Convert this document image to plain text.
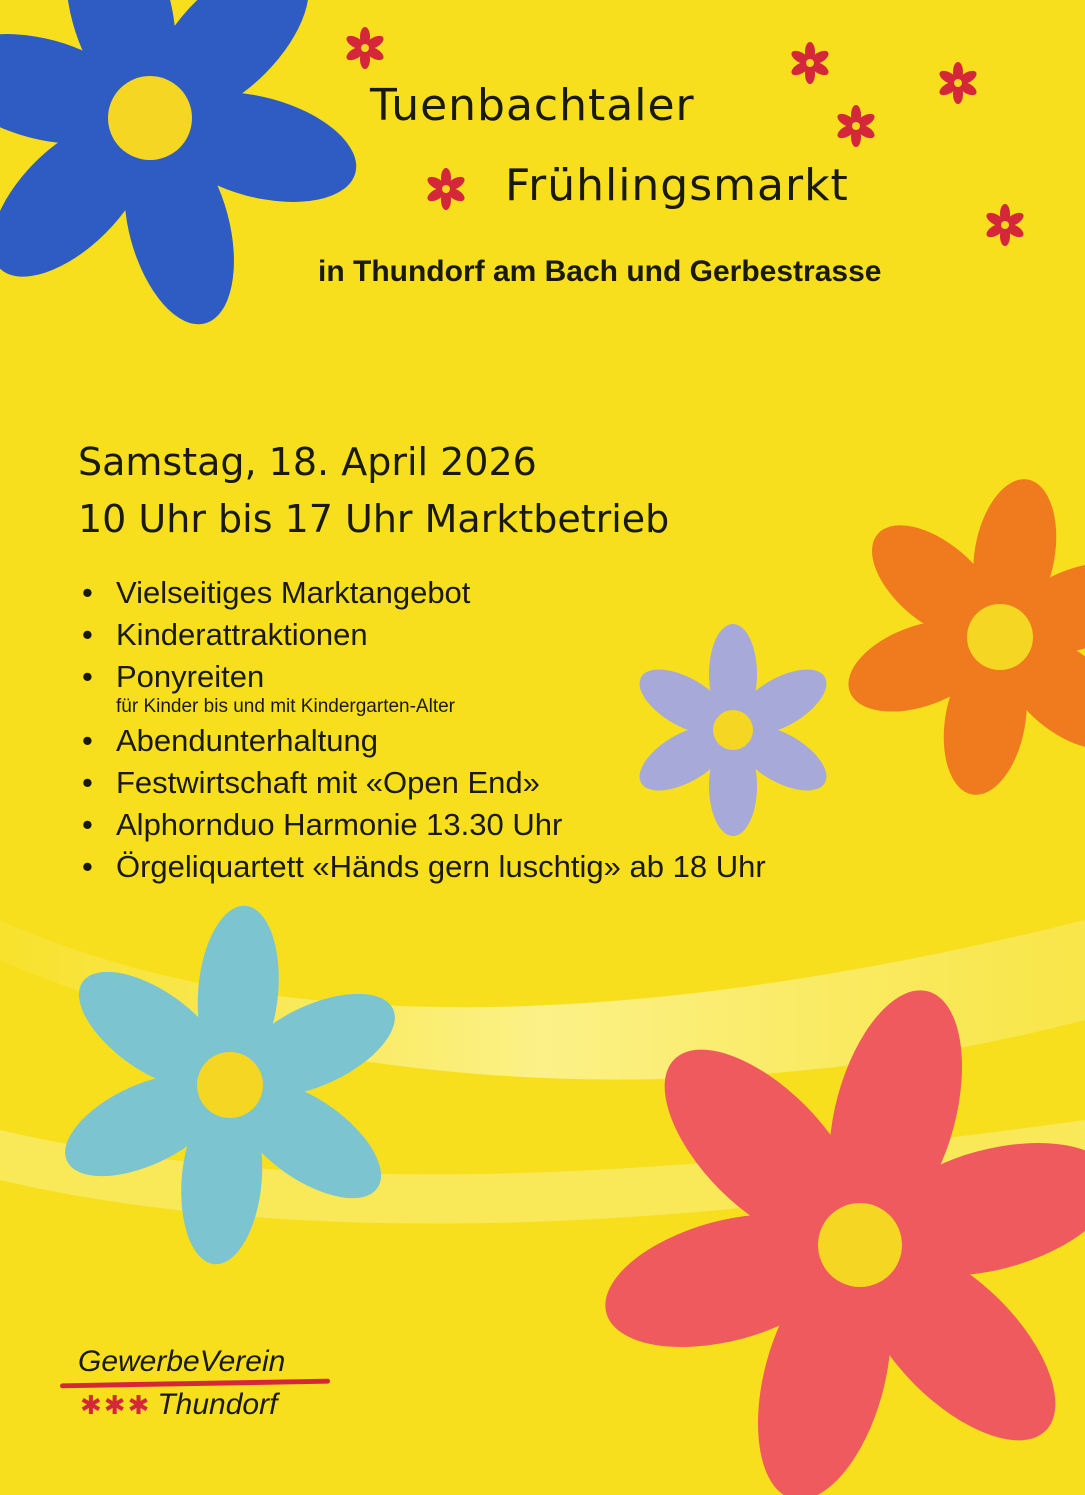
Tuenbachtaler
Frühlingsmarkt
in Thundorf am Bach und Gerbestrasse
Samstag, 18. April 2026
10 Uhr bis 17 Uhr Marktbetrieb
• Vielseitiges Marktangebot
• Kinderattraktionen
• Ponyreiten
für Kinder bis und mit Kindergarten-Alter
• Abendunterhaltung
• Festwirtschaft mit «Open End»
• Alphornduo Harmonie 13.30 Uhr
• Örgeliquartett «Händs gern luschtig» ab 18 Uhr
GewerbeVerein
✱✱✱ Thundorf
